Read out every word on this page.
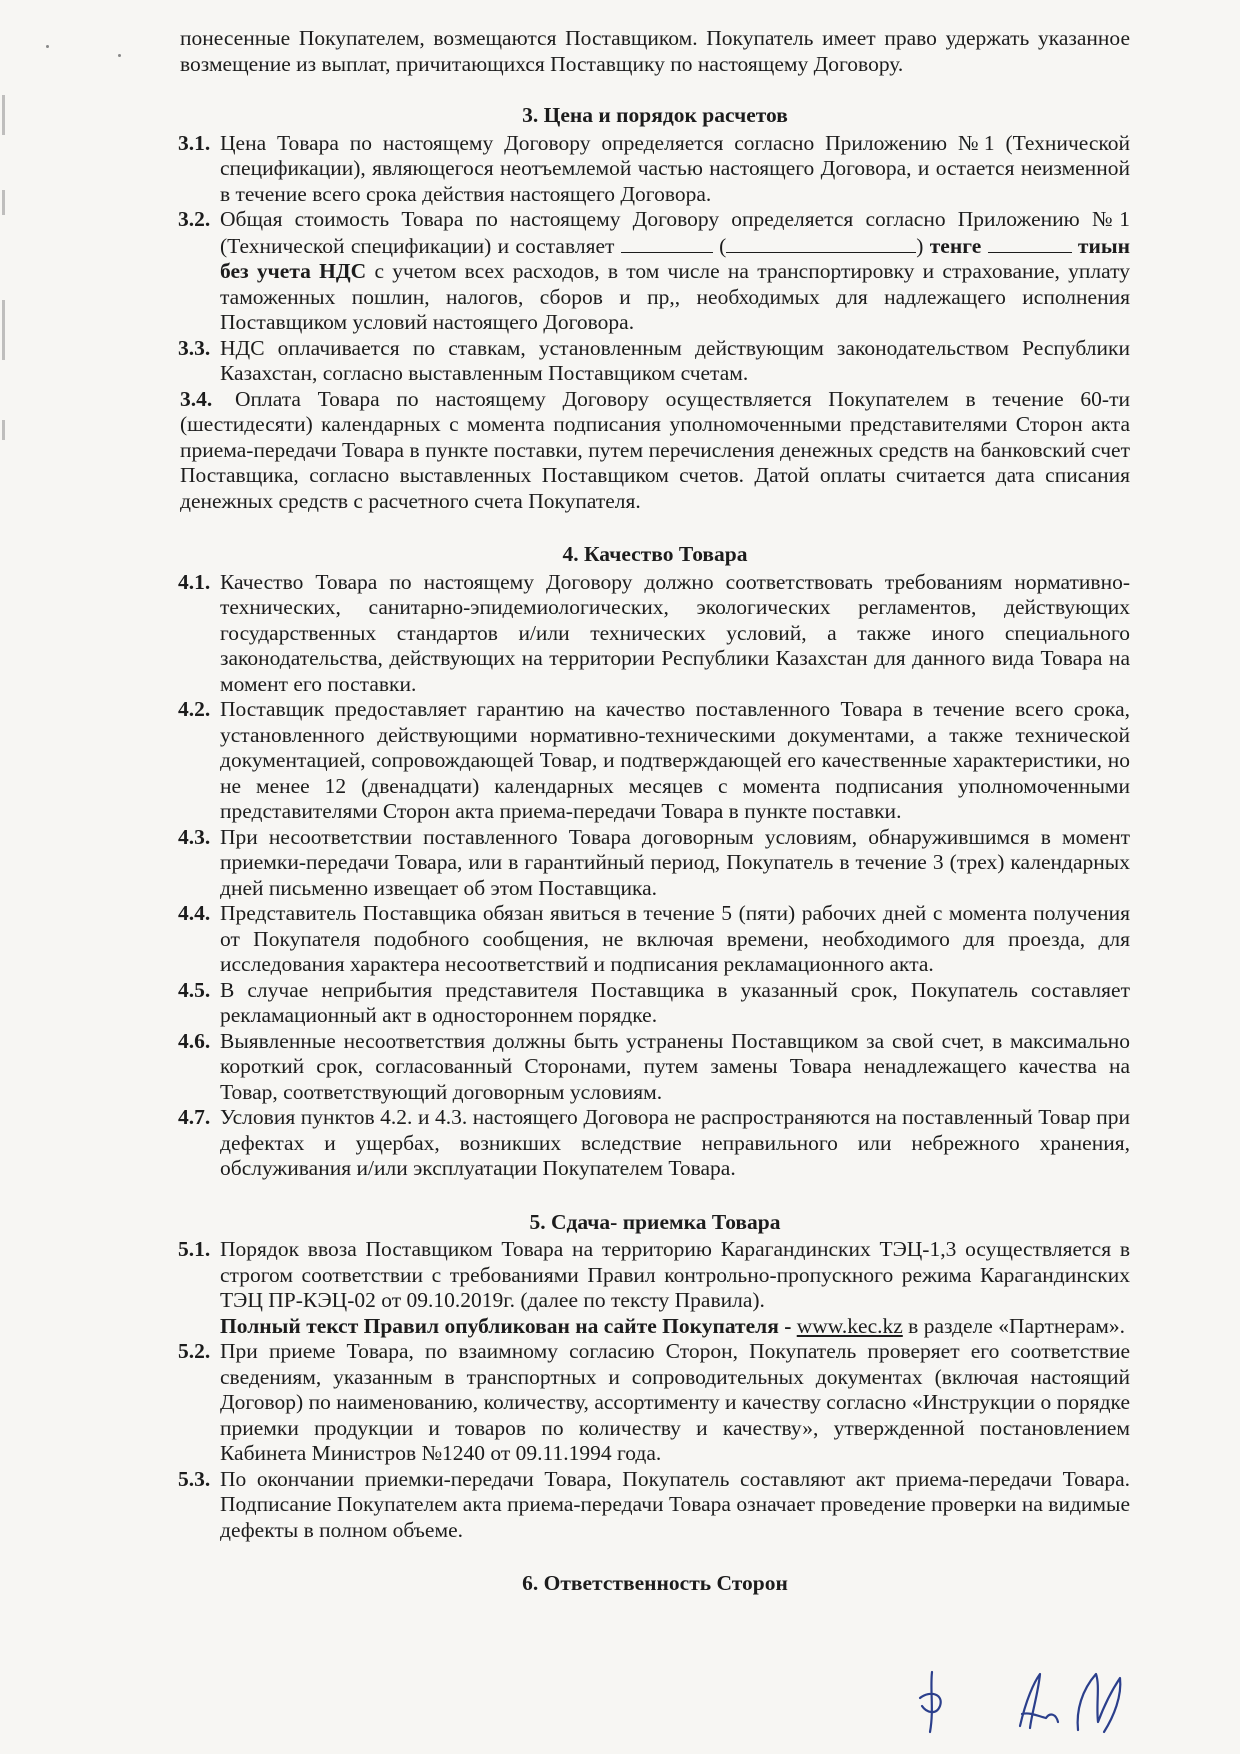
понесенные Покупателем, возмещаются Поставщиком. Покупатель имеет право удержать указанное возмещение из выплат, причитающихся Поставщику по настоящему Договору.
3. Цена и порядок расчетов
3.1. Цена Товара по настоящему Договору определяется согласно Приложению №1 (Технической спецификации), являющегося неотъемлемой частью настоящего Договора, и остается неизменной в течение всего срока действия настоящего Договора.
3.2. Общая стоимость Товара по настоящему Договору определяется согласно Приложению №1 (Технической спецификации) и составляет	(	) тенге	тиын без учета НДС с учетом всех расходов, в том числе на транспортировку и страхование, уплату таможенных пошлин, налогов, сборов и пр,, необходимых для надлежащего исполнения Поставщиком условий настоящего Договора.
3.3. НДС оплачивается по ставкам, установленным действующим законодательством Республики Казахстан, согласно выставленным Поставщиком счетам.
3.4. Оплата Товара по настоящему Договору осуществляется Покупателем в течение 60-ти (шестидесяти) календарных с момента подписания уполномоченными представителями Сторон акта приема-передачи Товара в пункте поставки, путем перечисления денежных средств на банковский счет Поставщика, согласно выставленных Поставщиком счетов. Датой оплаты считается дата списания денежных средств с расчетного счета Покупателя.
4. Качество Товара
4.1. Качество Товара по настоящему Договору должно соответствовать требованиям нормативно-технических, санитарно-эпидемиологических, экологических регламентов, действующих государственных стандартов и/или технических условий, а также иного специального законодательства, действующих на территории Республики Казахстан для данного вида Товара на момент его поставки.
4.2. Поставщик предоставляет гарантию на качество поставленного Товара в течение всего срока, установленного действующими нормативно-техническими документами, а также технической документацией, сопровождающей Товар, и подтверждающей его качественные характеристики, но не менее 12 (двенадцати) календарных месяцев с момента подписания уполномоченными представителями Сторон акта приема-передачи Товара в пункте поставки.
4.3. При несоответствии поставленного Товара договорным условиям, обнаружившимся в момент приемки-передачи Товара, или в гарантийный период, Покупатель в течение 3 (трех) календарных дней письменно извещает об этом Поставщика.
4.4. Представитель Поставщика обязан явиться в течение 5 (пяти) рабочих дней с момента получения от Покупателя подобного сообщения, не включая времени, необходимого для проезда, для исследования характера несоответствий и подписания рекламационного акта.
4.5. В случае неприбытия представителя Поставщика в указанный срок, Покупатель составляет рекламационный акт в одностороннем порядке.
4.6. Выявленные несоответствия должны быть устранены Поставщиком за свой счет, в максимально короткий срок, согласованный Сторонами, путем замены Товара ненадлежащего качества на Товар, соответствующий договорным условиям.
4.7. Условия пунктов 4.2. и 4.3. настоящего Договора не распространяются на поставленный Товар при дефектах и ущербах, возникших вследствие неправильного или небрежного хранения, обслуживания и/или эксплуатации Покупателем Товара.
5. Сдача- приемка Товара
5.1. Порядок ввоза Поставщиком Товара на территорию Карагандинских ТЭЦ-1,3 осуществляется в строгом соответствии с требованиями Правил контрольно-пропускного режима Карагандинских ТЭЦ ПР-КЭЦ-02 от 09.10.2019г. (далее по тексту Правила).
Полный текст Правил опубликован на сайте Покупателя - www.kec.kz в разделе «Партнерам».
5.2. При приеме Товара, по взаимному согласию Сторон, Покупатель проверяет его соответствие сведениям, указанным в транспортных и сопроводительных документах (включая настоящий Договор) по наименованию, количеству, ассортименту и качеству согласно «Инструкции о порядке приемки продукции и товаров по количеству и качеству», утвержденной постановлением Кабинета Министров №1240 от 09.11.1994 года.
5.3. По окончании приемки-передачи Товара, Покупатель составляют акт приема-передачи Товара. Подписание Покупателем акта приема-передачи Товара означает проведение проверки на видимые дефекты в полном объеме.
6. Ответственность Сторон
